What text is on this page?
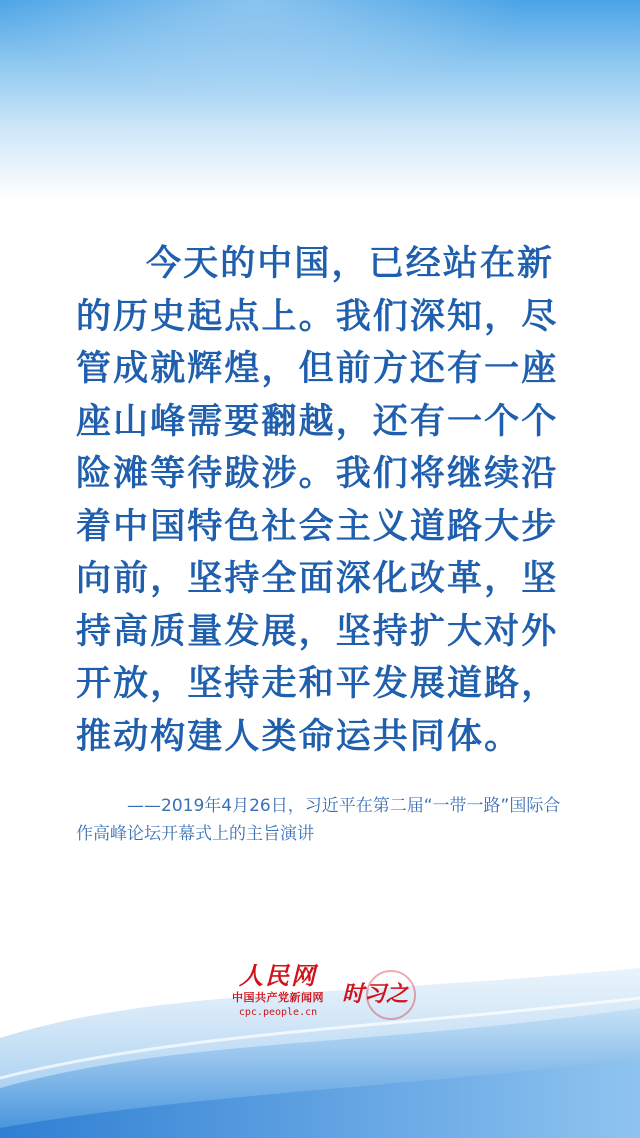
今天的中国，已经站在新的历史起点上。我们深知，尽管成就辉煌，但前方还有一座座山峰需要翻越，还有一个个险滩等待跋涉。我们将继续沿着中国特色社会主义道路大步向前，坚持全面深化改革，坚持高质量发展，坚持扩大对外开放，坚持走和平发展道路，推动构建人类命运共同体。

——2019年4月26日，习近平在第二届“一带一路”国际合作高峰论坛开幕式上的主旨演讲

人民网
中国共产党新闻网
cpc.people.cn
时习之
